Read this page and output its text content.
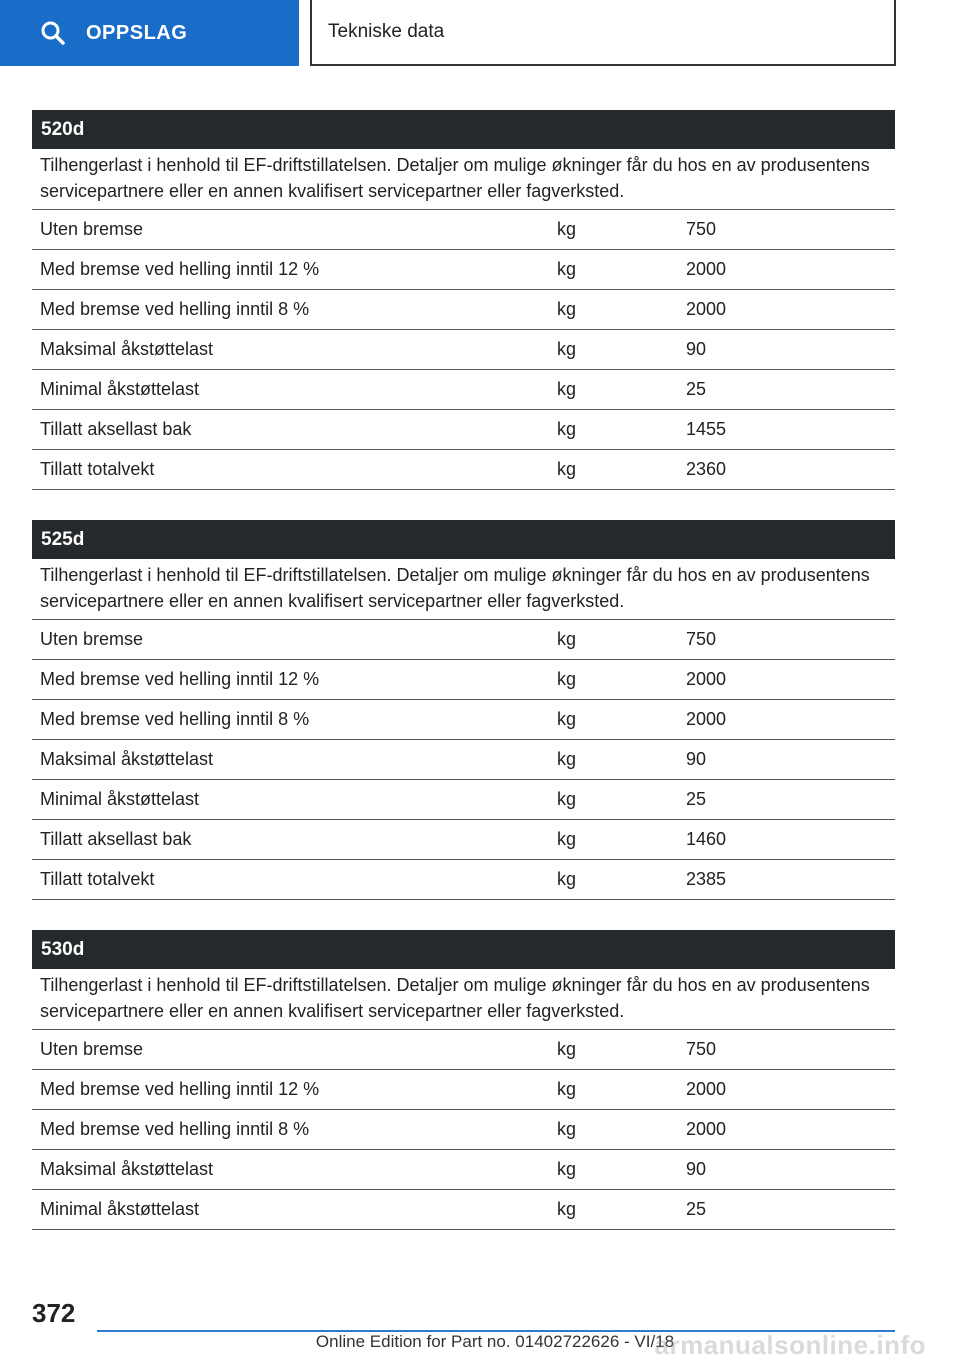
OPPSLAG	Tekniske data
520d
Tilhengerlast i henhold til EF-driftstillatelsen. Detaljer om mulige økninger får du hos en av produsentens servicepartnere eller en annen kvalifisert servicepartner eller fagverksted.
Uten bremse	kg	750
Med bremse ved helling inntil 12 %	kg	2000
Med bremse ved helling inntil 8 %	kg	2000
Maksimal åkstøttelast	kg	90
Minimal åkstøttelast	kg	25
Tillatt aksellast bak	kg	1455
Tillatt totalvekt	kg	2360
525d
Tilhengerlast i henhold til EF-driftstillatelsen. Detaljer om mulige økninger får du hos en av produsentens servicepartnere eller en annen kvalifisert servicepartner eller fagverksted.
Uten bremse	kg	750
Med bremse ved helling inntil 12 %	kg	2000
Med bremse ved helling inntil 8 %	kg	2000
Maksimal åkstøttelast	kg	90
Minimal åkstøttelast	kg	25
Tillatt aksellast bak	kg	1460
Tillatt totalvekt	kg	2385
530d
Tilhengerlast i henhold til EF-driftstillatelsen. Detaljer om mulige økninger får du hos en av produsentens servicepartnere eller en annen kvalifisert servicepartner eller fagverksted.
Uten bremse	kg	750
Med bremse ved helling inntil 12 %	kg	2000
Med bremse ved helling inntil 8 %	kg	2000
Maksimal åkstøttelast	kg	90
Minimal åkstøttelast	kg	25
372
Online Edition for Part no. 01402722626 - VI/18
armanualsonline.info
